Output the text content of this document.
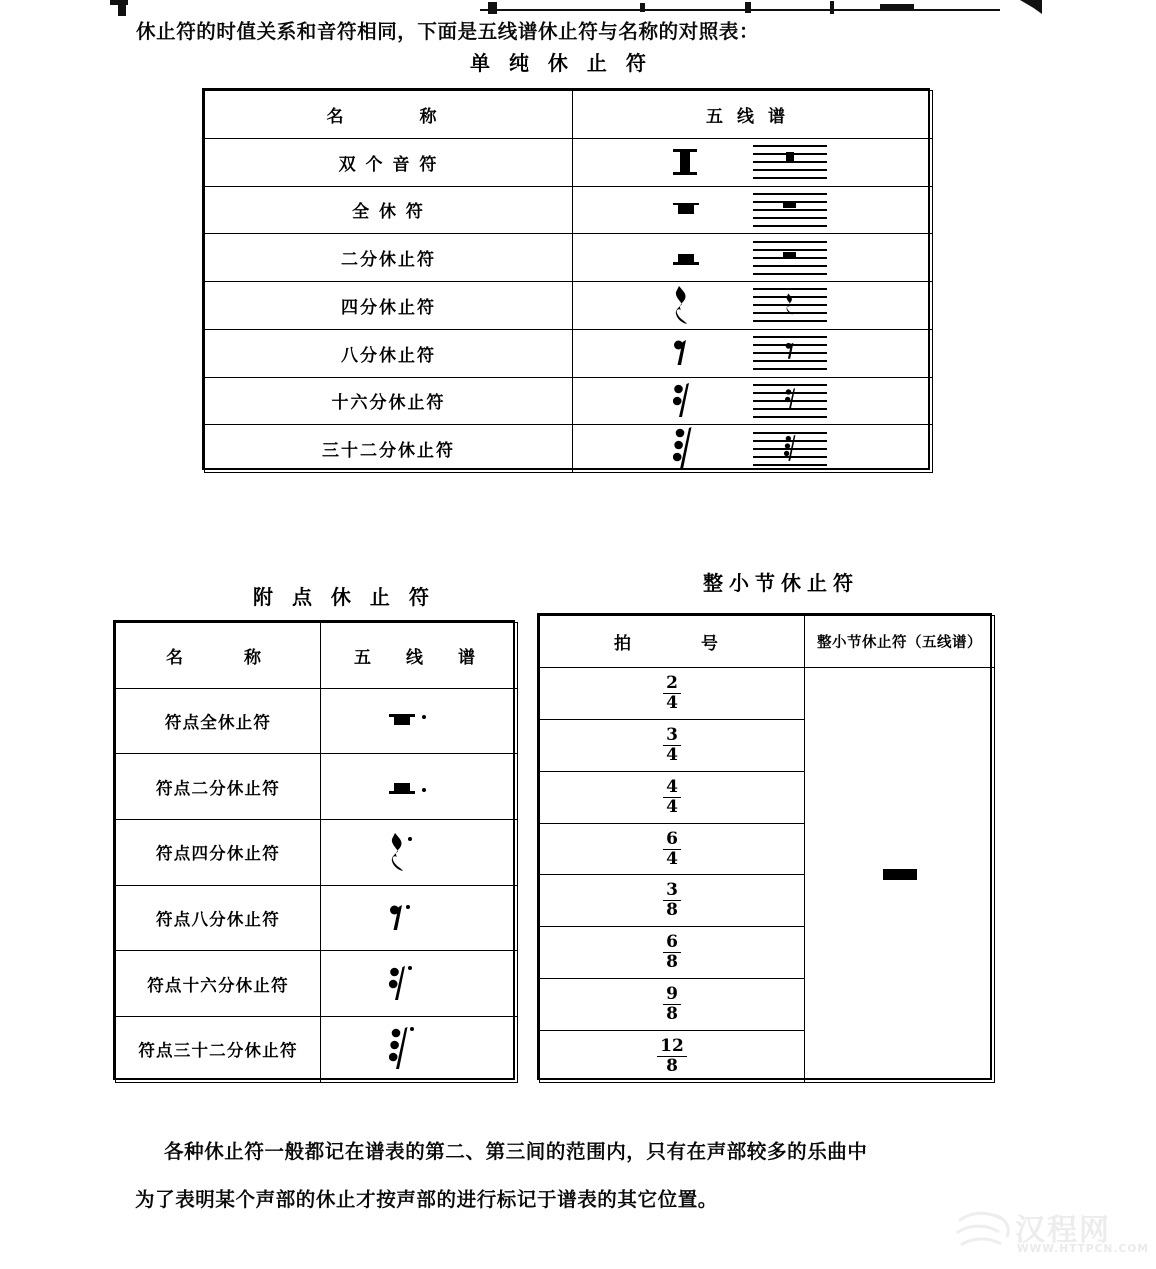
休止符的时值关系和音符相同，下面是五线谱休止符与名称的对照表：
单 纯 休 止 符
名　　称	五线谱
双 个 音 符	

全 休 符	

二分休止符	

四分休止符	

八分休止符	

十六分休止符	

三十二分休止符	
附 点 休 止 符
整小节休止符
名　　称	五　线　谱
符点全休止符	

符点二分休止符	

符点四分休止符	

符点八分休止符	

符点十六分休止符	

符点三十二分休止符	
拍　　号	整小节休止符（五线谱）

$\frac{2}{4}$

$\frac{3}{4}$

$\frac{4}{4}$

$\frac{6}{4}$

$\frac{3}{8}$

$\frac{6}{8}$

$\frac{9}{8}$

$\frac{12}{8}$
各种休止符一般都记在谱表的第二、第三间的范围内，只有在声部较多的乐曲中
为了表明某个声部的休止才按声部的进行标记于谱表的其它位置。
汉程网
WWW.HTTPCN.COM
